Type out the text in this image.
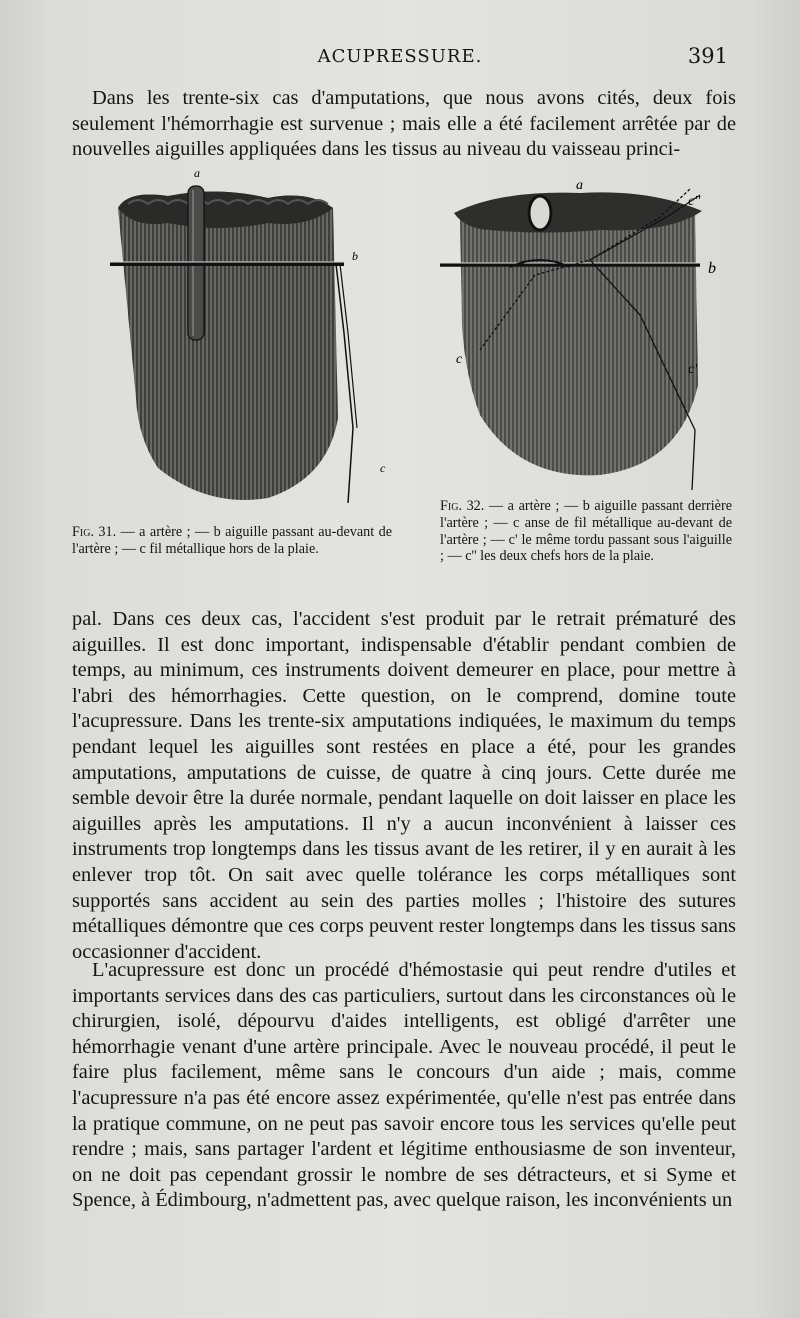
ACUPRESSURE.	391

Dans les trente-six cas d'amputations, que nous avons cités, deux fois seulement l'hémorrhagie est survenue ; mais elle a été facilement arrêtée par de nouvelles aiguilles appliquées dans les tissus au niveau du vaisseau princi-

a
b
c

Fig. 31. — a artère ; — b aiguille passant au-devant de l'artère ; — c fil métallique hors de la plaie.

a
b
c
c'
c''

Fig. 32. — a artère ; — b aiguille passant derrière l'artère ; — c anse de fil métallique au-devant de l'artère ; — c' le même tordu passant sous l'aiguille ; — c'' les deux chefs hors de la plaie.

pal. Dans ces deux cas, l'accident s'est produit par le retrait prématuré des aiguilles. Il est donc important, indispensable d'établir pendant combien de temps, au minimum, ces instruments doivent demeurer en place, pour mettre à l'abri des hémorrhagies. Cette question, on le comprend, domine toute l'acupressure. Dans les trente-six amputations indiquées, le maximum du temps pendant lequel les aiguilles sont restées en place a été, pour les grandes amputations, amputations de cuisse, de quatre à cinq jours. Cette durée me semble devoir être la durée normale, pendant laquelle on doit laisser en place les aiguilles après les amputations. Il n'y a aucun inconvénient à laisser ces instruments trop longtemps dans les tissus avant de les retirer, il y en aurait à les enlever trop tôt. On sait avec quelle tolérance les corps métalliques sont supportés sans accident au sein des parties molles ; l'histoire des sutures métalliques démontre que ces corps peuvent rester longtemps dans les tissus sans occasionner d'accident.

L'acupressure est donc un procédé d'hémostasie qui peut rendre d'utiles et importants services dans des cas particuliers, surtout dans les circonstances où le chirurgien, isolé, dépourvu d'aides intelligents, est obligé d'arrêter une hémorrhagie venant d'une artère principale. Avec le nouveau procédé, il peut le faire plus facilement, même sans le concours d'un aide ; mais, comme l'acupressure n'a pas été encore assez expérimentée, qu'elle n'est pas entrée dans la pratique commune, on ne peut pas savoir encore tous les services qu'elle peut rendre ; mais, sans partager l'ardent et légitime enthousiasme de son inventeur, on ne doit pas cependant grossir le nombre de ses détracteurs, et si Syme et Spence, à Édimbourg, n'admettent pas, avec quelque raison, les inconvénients un
